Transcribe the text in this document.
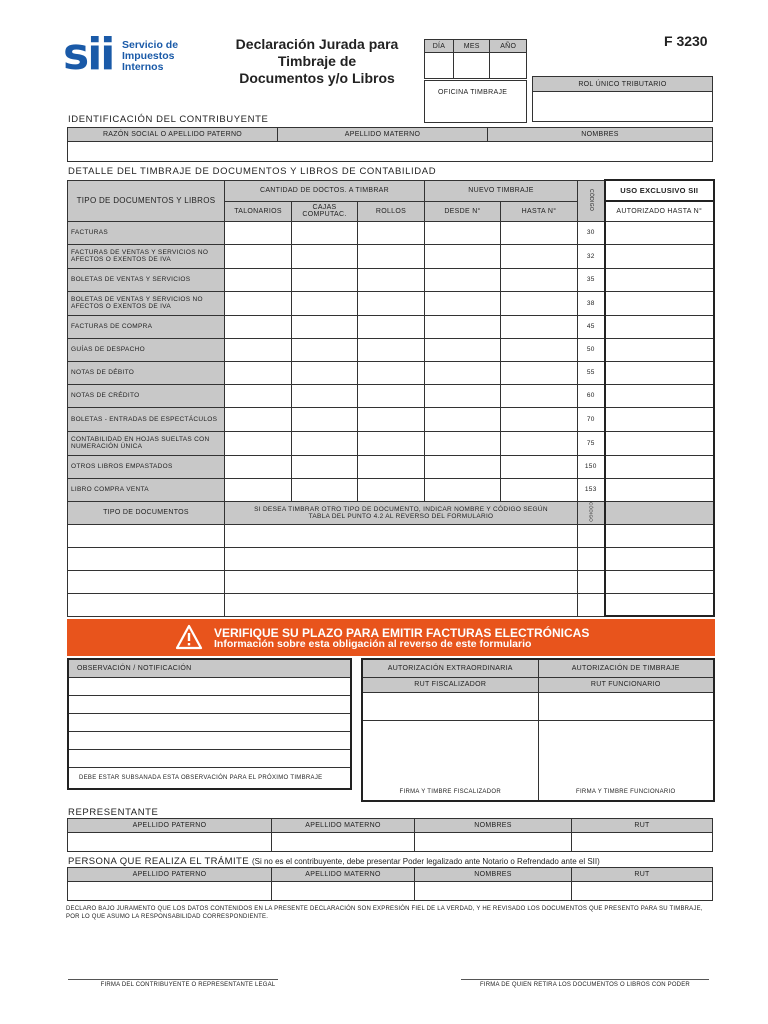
sii Servicio de
Impuestos
Internos
Declaración Jurada para
Timbraje de
Documentos y/o Libros
F 3230
DÍA	MES	AÑO

OFICINA TIMBRAJE
ROL ÚNICO TRIBUTARIO

IDENTIFICACIÓN DEL CONTRIBUYENTE
RAZÓN SOCIAL O APELLIDO PATERNO	APELLIDO MATERNO	NOMBRES

DETALLE DEL TIMBRAJE DE DOCUMENTOS Y LIBROS DE CONTABILIDAD
TIPO DE DOCUMENTOS Y LIBROS	CANTIDAD DE DOCTOS. A TIMBRAR			NUEVO TIMBRAJE		CÓDIGO	USO EXCLUSIVO SII
	TALONARIOS	CAJAS COMPUTAC.	ROLLOS	DESDE N°	HASTA N°		AUTORIZADO HASTA N°
FACTURAS						30	
FACTURAS DE VENTAS Y SERVICIOS NO AFECTOS O EXENTOS DE IVA						32	
BOLETAS DE VENTAS Y SERVICIOS						35	
BOLETAS DE VENTAS Y SERVICIOS NO AFECTOS O EXENTOS DE IVA						38	
FACTURAS DE COMPRA						45	
GUÍAS DE DESPACHO						50	
NOTAS DE DÉBITO						55	
NOTAS DE CRÉDITO						60	
BOLETAS - ENTRADAS DE ESPECTÁCULOS						70	
CONTABILIDAD EN HOJAS SUELTAS CON NUMERACIÓN ÚNICA						75	
OTROS LIBROS EMPASTADOS						150	
LIBRO COMPRA VENTA						153	
TIPO DE DOCUMENTOS	SI DESEA TIMBRAR OTRO TIPO DE DOCUMENTO, INDICAR NOMBRE Y CÓDIGO SEGÚN TABLA DEL PUNTO 4.2 AL REVERSO DEL FORMULARIO					CÓDIGO	

VERIFIQUE SU PLAZO PARA EMITIR FACTURAS ELECTRÓNICAS
Información sobre esta obligación al reverso de este formulario
OBSERVACIÓN / NOTIFICACIÓN

DEBE ESTAR SUBSANADA ESTA OBSERVACIÓN PARA EL PRÓXIMO TIMBRAJE
AUTORIZACIÓN EXTRAORDINARIA	AUTORIZACIÓN DE TIMBRAJE
RUT FISCALIZADOR	RUT FUNCIONARIO

FIRMA Y TIMBRE FISCALIZADOR	FIRMA Y TIMBRE FUNCIONARIO
REPRESENTANTE
APELLIDO PATERNO	APELLIDO MATERNO	NOMBRES	RUT

PERSONA QUE REALIZA EL TRÁMITE (Si no es el contribuyente, debe presentar Poder legalizado ante Notario o Refrendado ante el SII)
APELLIDO PATERNO	APELLIDO MATERNO	NOMBRES	RUT

DECLARO BAJO JURAMENTO QUE LOS DATOS CONTENIDOS EN LA PRESENTE DECLARACIÓN SON EXPRESIÓN FIEL DE LA VERDAD, Y HE REVISADO LOS DOCUMENTOS QUE PRESENTO PARA SU TIMBRAJE,
POR LO QUE ASUMO LA RESPONSABILIDAD CORRESPONDIENTE.
FIRMA DEL CONTRIBUYENTE O REPRESENTANTE LEGAL	FIRMA DE QUIEN RETIRA LOS DOCUMENTOS O LIBROS CON PODER
